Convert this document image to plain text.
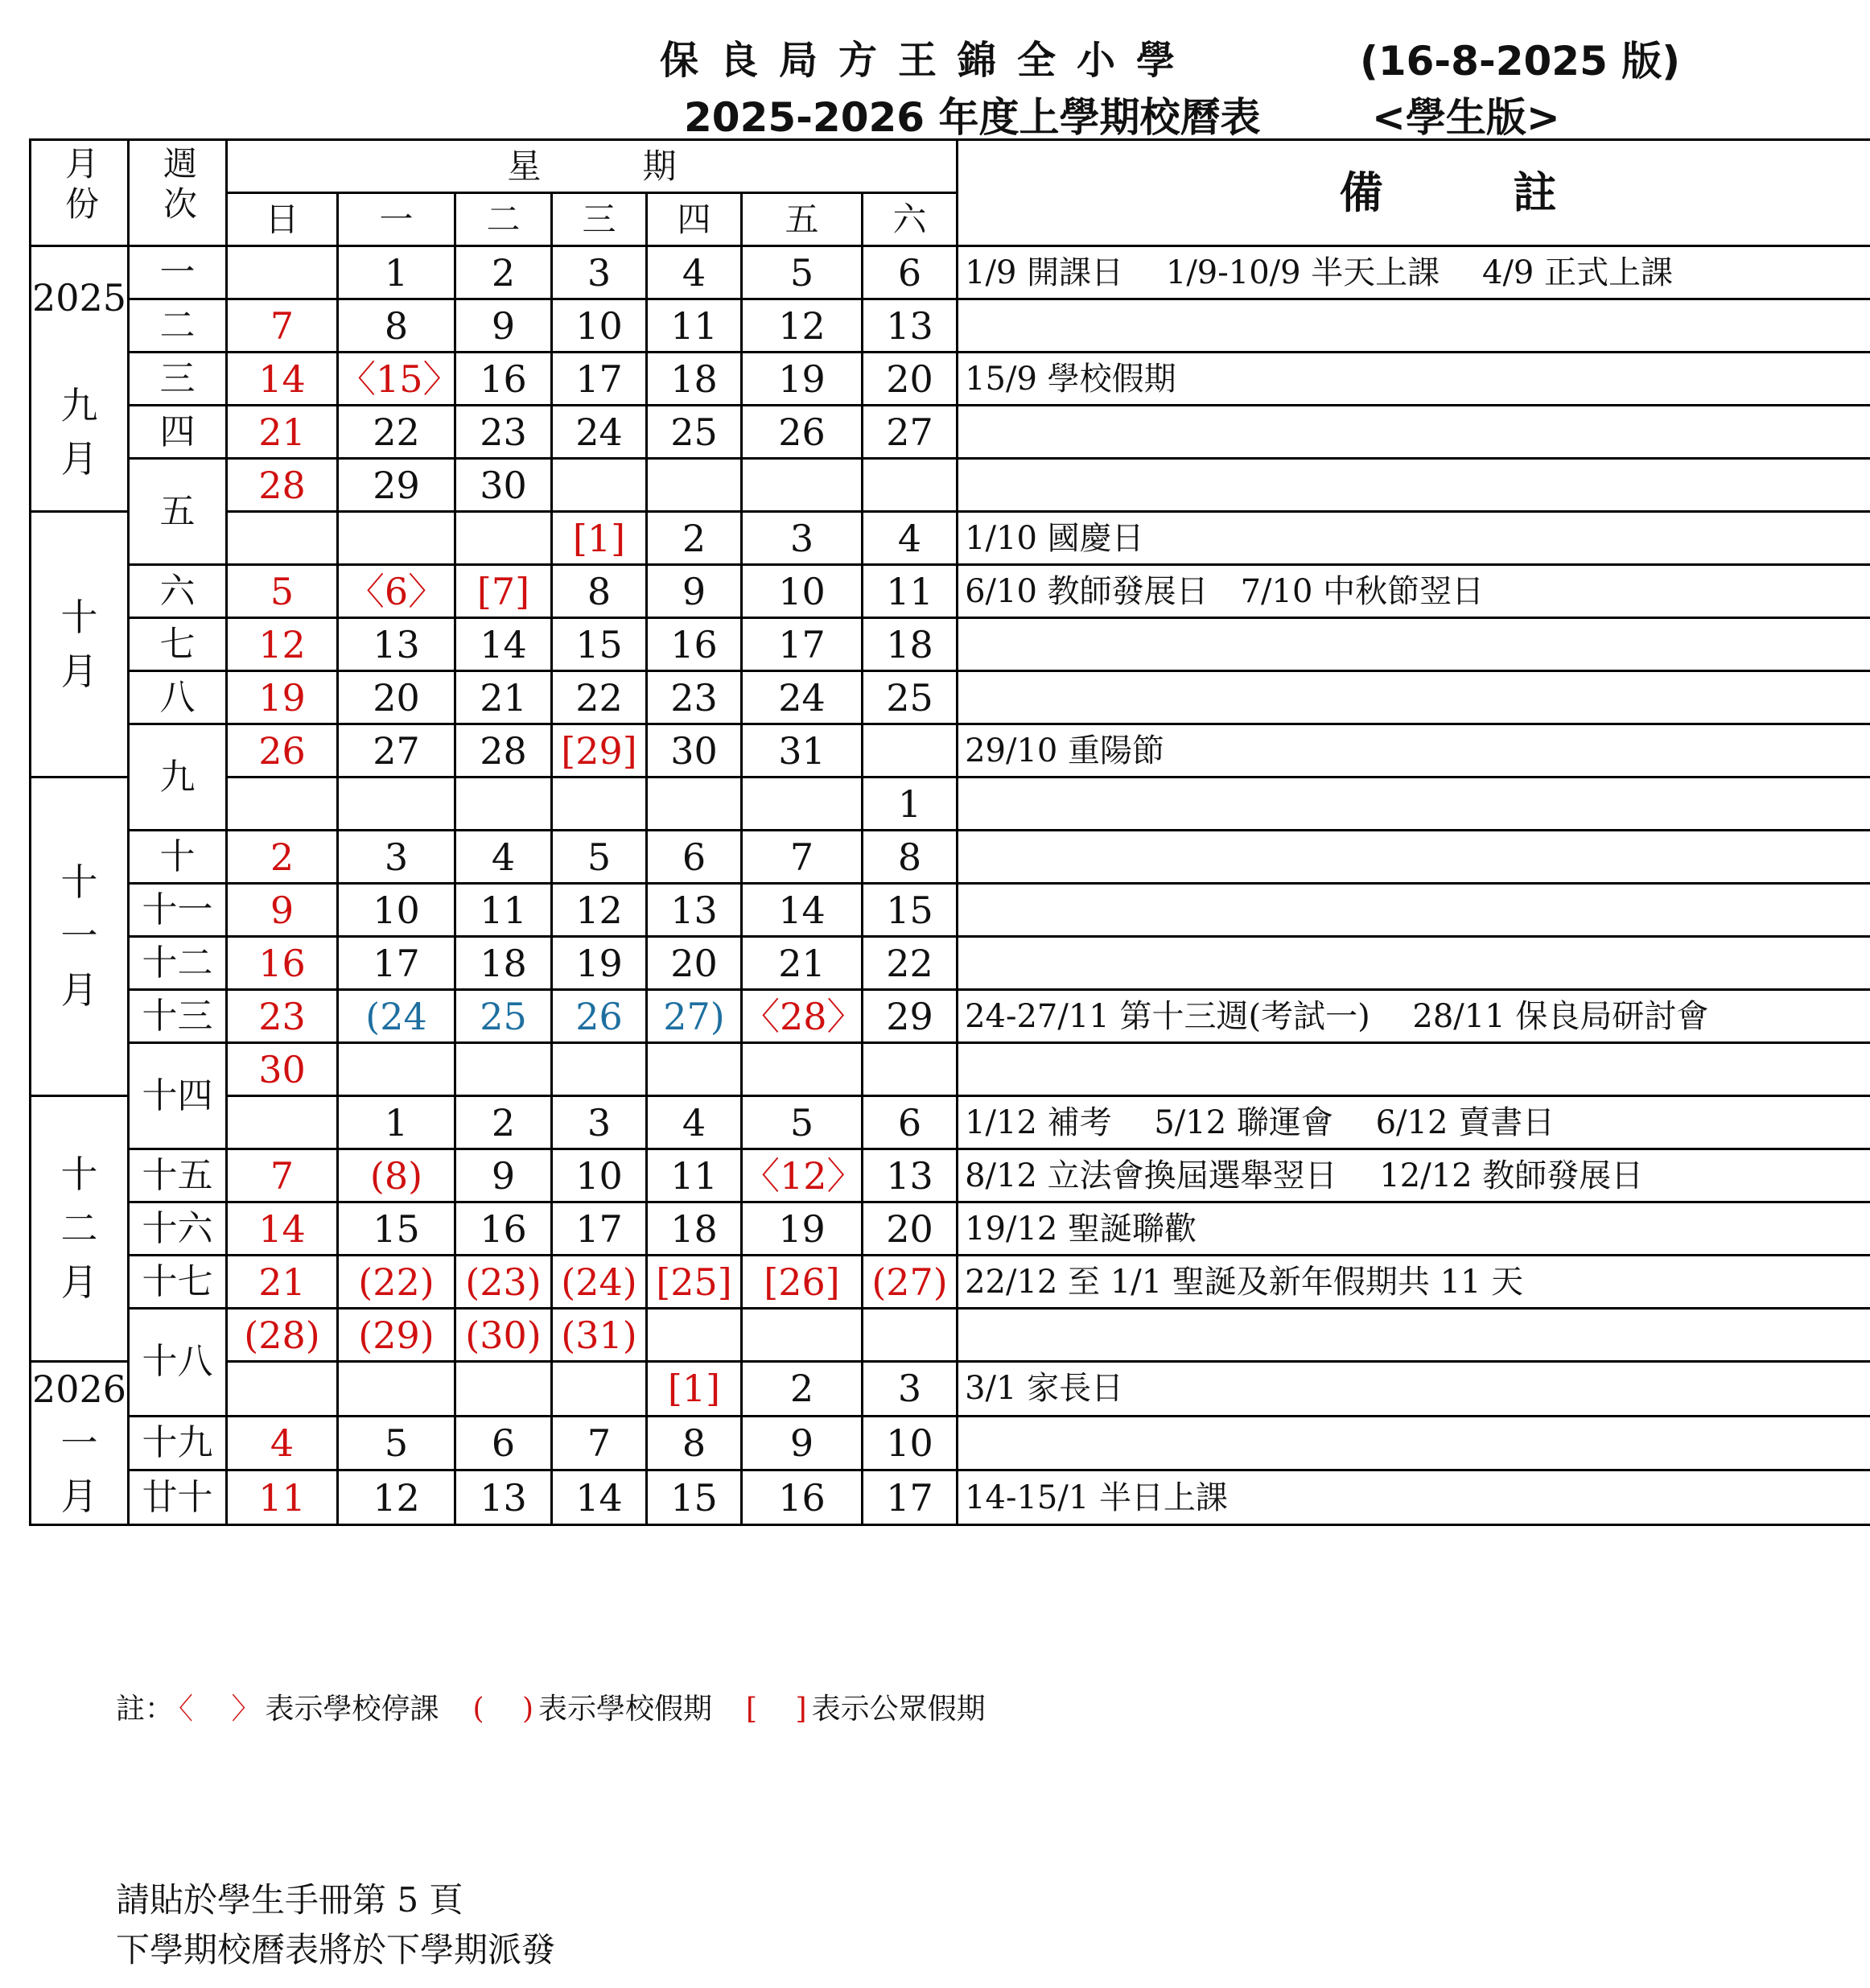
保良局方王錦全小學	(16-8-2025 版)
2025-2026 年度上學期校曆表	<學生版>
月份	週次	星　　　期							備　　　註
		日	一	二	三	四	五	六	
2025

九
月	一		1	2	3	4	5	6	1/9 開課日　 1/9-10/9 半天上課　 4/9 正式上課
	二	7	8	9	10	11	12	13	
	三	14	〈15〉	16	17	18	19	20	15/9 學校假期
	四	21	22	23	24	25	26	27	
	五	28	29	30					
十
月					[1]	2	3	4	1/10 國慶日
	六	5	〈6〉	[7]	8	9	10	11	6/10 教師發展日　7/10 中秋節翌日
	七	12	13	14	15	16	17	18	
	八	19	20	21	22	23	24	25	
	九	26	27	28	[29]	30	31		29/10 重陽節
十
一
月								1	
	十	2	3	4	5	6	7	8	
	十一	9	10	11	12	13	14	15	
	十二	16	17	18	19	20	21	22	
	十三	23	(24	25	26	27)	〈28〉	29	24-27/11 第十三週(考試一)　 28/11 保良局研討會
	十四	30							
十
二
月			1	2	3	4	5	6	1/12 補考　 5/12 聯運會　 6/12 賣書日
	十五	7	(8)	9	10	11	〈12〉	13	8/12 立法會換屆選舉翌日　 12/12 教師發展日
	十六	14	15	16	17	18	19	20	19/12 聖誕聯歡
	十七	21	(22)	(23)	(24)	[25]	[26]	(27)	22/12 至 1/1 聖誕及新年假期共 11 天
	十八	(28)	(29)	(30)	(31)				
2026
一
月						[1]	2	3	3/1 家長日
	十九	4	5	6	7	8	9	10	
	廿十	11	12	13	14	15	16	17	14-15/1 半日上課
註： 〈　 〉 表示學校停課　(　 ) 表示學校假期　[　 ] 表示公眾假期
請貼於學生手冊第 5 頁
下學期校曆表將於下學期派發
